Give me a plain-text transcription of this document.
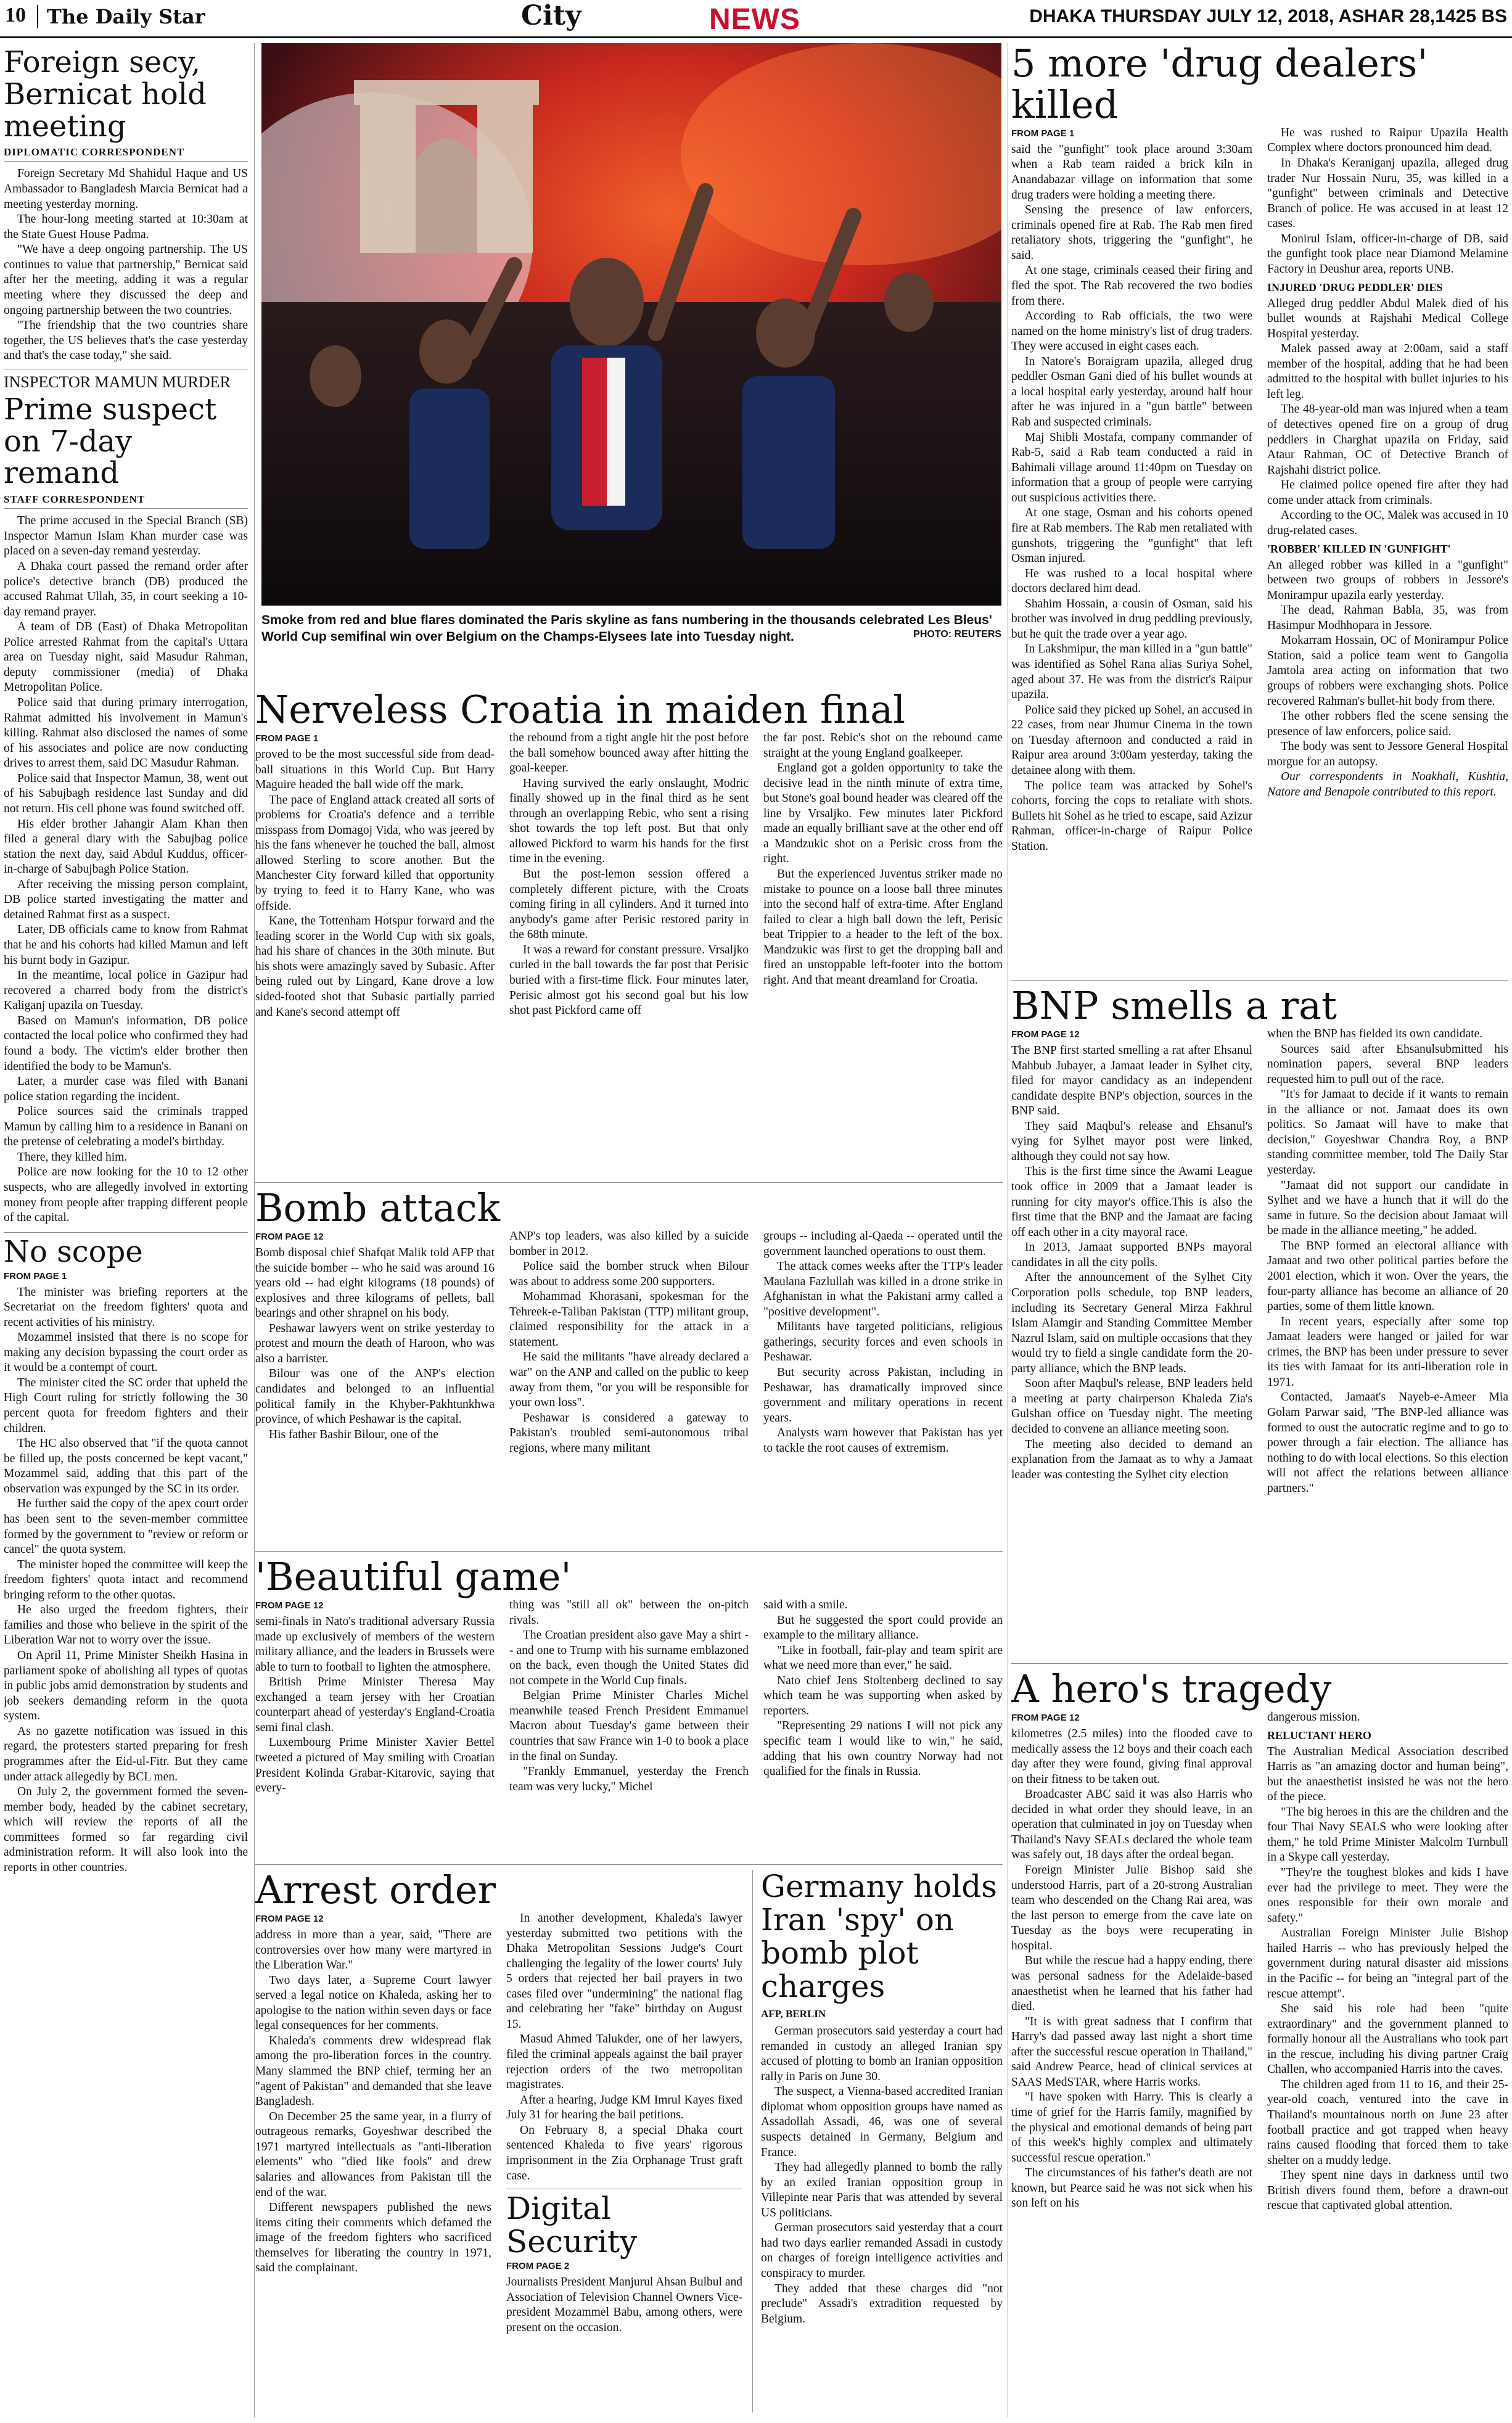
10	The Daily Star	City	NEWS	DHAKA THURSDAY JULY 12, 2018, ASHAR 28,1425 BS
Foreign secy, Bernicat hold meeting
DIPLOMATIC CORRESPONDENT

Foreign Secretary Md Shahidul Haque and US Ambassador to Bangladesh Marcia Bernicat had a meeting yesterday morning.

The hour-long meeting started at 10:30am at the State Guest House Padma.

"We have a deep ongoing partnership. The US continues to value that partnership," Bernicat said after her the meeting, adding it was a regular meeting where they discussed the deep and ongoing partnership between the two countries.

"The friendship that the two countries share together, the US believes that's the case yesterday and that's the case today," she said.

INSPECTOR MAMUN MURDER
Prime suspect on 7-day remand
STAFF CORRESPONDENT

The prime accused in the Special Branch (SB) Inspector Mamun Islam Khan murder case was placed on a seven-day remand yesterday.

A Dhaka court passed the remand order after police's detective branch (DB) produced the accused Rahmat Ullah, 35, in court seeking a 10-day remand prayer.

A team of DB (East) of Dhaka Metropolitan Police arrested Rahmat from the capital's Uttara area on Tuesday night, said Masudur Rahman, deputy commissioner (media) of Dhaka Metropolitan Police.

Police said that during primary interrogation, Rahmat admitted his involvement in Mamun's killing. Rahmat also disclosed the names of some of his associates and police are now conducting drives to arrest them, said DC Masudur Rahman.

Police said that Inspector Mamun, 38, went out of his Sabujbagh residence last Sunday and did not return. His cell phone was found switched off.

His elder brother Jahangir Alam Khan then filed a general diary with the Sabujbag police station the next day, said Abdul Kuddus, officer-in-charge of Sabujbagh Police Station.

After receiving the missing person complaint, DB police started investigating the matter and detained Rahmat first as a suspect.

Later, DB officials came to know from Rahmat that he and his cohorts had killed Mamun and left his burnt body in Gazipur.

In the meantime, local police in Gazipur had recovered a charred body from the district's Kaliganj upazila on Tuesday.

Based on Mamun's information, DB police contacted the local police who confirmed they had found a body. The victim's elder brother then identified the body to be Mamun's.

Later, a murder case was filed with Banani police station regarding the incident.

Police sources said the criminals trapped Mamun by calling him to a residence in Banani on the pretense of celebrating a model's birthday.

There, they killed him.

Police are now looking for the 10 to 12 other suspects, who are allegedly involved in extorting money from people after trapping different people of the capital.

No scope
FROM PAGE 1

The minister was briefing reporters at the Secretariat on the freedom fighters' quota and recent activities of his ministry.

Mozammel insisted that there is no scope for making any decision bypassing the court order as it would be a contempt of court.

The minister cited the SC order that upheld the High Court ruling for strictly following the 30 percent quota for freedom fighters and their children.

The HC also observed that "if the quota cannot be filled up, the posts concerned be kept vacant," Mozammel said, adding that this part of the observation was expunged by the SC in its order.

He further said the copy of the apex court order has been sent to the seven-member committee formed by the government to "review or reform or cancel" the quota system.

The minister hoped the committee will keep the freedom fighters' quota intact and recommend bringing reform to the other quotas.

He also urged the freedom fighters, their families and those who believe in the spirit of the Liberation War not to worry over the issue.

On April 11, Prime Minister Sheikh Hasina in parliament spoke of abolishing all types of quotas in public jobs amid demonstration by students and job seekers demanding reform in the quota system.

As no gazette notification was issued in this regard, the protesters started preparing for fresh programmes after the Eid-ul-Fitr. But they came under attack allegedly by BCL men.

On July 2, the government formed the seven-member body, headed by the cabinet secretary, which will review the reports of all the committees formed so far regarding civil administration reform. It will also look into the reports in other countries.

Smoke from red and blue flares dominated the Paris skyline as fans numbering in the thousands celebrated Les Bleus' World Cup semifinal win over Belgium on the Champs-Elysees late into Tuesday night.	PHOTO: REUTERS
Nerveless Croatia in maiden final
FROM PAGE 1

proved to be the most successful side from dead-ball situations in this World Cup. But Harry Maguire headed the ball wide off the mark.

The pace of England attack created all sorts of problems for Croatia's defence and a terrible misspass from Domagoj Vida, who was jeered by his the fans whenever he touched the ball, almost allowed Sterling to score another. But the Manchester City forward killed that opportunity by trying to feed it to Harry Kane, who was offside.

Kane, the Tottenham Hotspur forward and the leading scorer in the World Cup with six goals, had his share of chances in the 30th minute. But his shots were amazingly saved by Subasic. After being ruled out by Lingard, Kane drove a low sided-footed shot that Subasic partially parried and Kane's second attempt off

the rebound from a tight angle hit the post before the ball somehow bounced away after hitting the goal-keeper.

Having survived the early onslaught, Modric finally showed up in the final third as he sent through an overlapping Rebic, who sent a rising shot towards the top left post. But that only allowed Pickford to warm his hands for the first time in the evening.

But the post-lemon session offered a completely different picture, with the Croats coming firing in all cylinders. And it turned into anybody's game after Perisic restored parity in the 68th minute.

It was a reward for constant pressure. Vrsaljko curled in the ball towards the far post that Perisic buried with a first-time flick. Four minutes later, Perisic almost got his second goal but his low shot past Pickford came off

the far post. Rebic's shot on the rebound came straight at the young England goalkeeper.

England got a golden opportunity to take the decisive lead in the ninth minute of extra time, but Stone's goal bound header was cleared off the line by Vrsaljko. Few minutes later Pickford made an equally brilliant save at the other end off a Mandzukic shot on a Perisic cross from the right.

But the experienced Juventus striker made no mistake to pounce on a loose ball three minutes into the second half of extra-time. After England failed to clear a high ball down the left, Perisic beat Trippier to a header to the left of the box. Mandzukic was first to get the dropping ball and fired an unstoppable left-footer into the bottom right. And that meant dreamland for Croatia.

Bomb attack
FROM PAGE 12

Bomb disposal chief Shafqat Malik told AFP that the suicide bomber -- who he said was around 16 years old -- had eight kilograms (18 pounds) of explosives and three kilograms of pellets, ball bearings and other shrapnel on his body.

Peshawar lawyers went on strike yesterday to protest and mourn the death of Haroon, who was also a barrister.

Bilour was one of the ANP's election candidates and belonged to an influential political family in the Khyber-Pakhtunkhwa province, of which Peshawar is the capital.

His father Bashir Bilour, one of the

ANP's top leaders, was also killed by a suicide bomber in 2012.

Police said the bomber struck when Bilour was about to address some 200 supporters.

Mohammad Khorasani, spokesman for the Tehreek-e-Taliban Pakistan (TTP) militant group, claimed responsibility for the attack in a statement.

He said the militants "have already declared a war" on the ANP and called on the public to keep away from them, "or you will be responsible for your own loss".

Peshawar is considered a gateway to Pakistan's troubled semi-autonomous tribal regions, where many militant

groups -- including al-Qaeda -- operated until the government launched operations to oust them.

The attack comes weeks after the TTP's leader Maulana Fazlullah was killed in a drone strike in Afghanistan in what the Pakistani army called a "positive development".

Militants have targeted politicians, religious gatherings, security forces and even schools in Peshawar.

But security across Pakistan, including in Peshawar, has dramatically improved since government and military operations in recent years.

Analysts warn however that Pakistan has yet to tackle the root causes of extremism.

'Beautiful game'
FROM PAGE 12

semi-finals in Nato's traditional adversary Russia made up exclusively of members of the western military alliance, and the leaders in Brussels were able to turn to football to lighten the atmosphere.

British Prime Minister Theresa May exchanged a team jersey with her Croatian counterpart ahead of yesterday's England-Croatia semi final clash.

Luxembourg Prime Minister Xavier Bettel tweeted a pictured of May smiling with Croatian President Kolinda Grabar-Kitarovic, saying that every-

thing was "still all ok" between the on-pitch rivals.

The Croatian president also gave May a shirt -- and one to Trump with his surname emblazoned on the back, even though the United States did not compete in the World Cup finals.

Belgian Prime Minister Charles Michel meanwhile teased French President Emmanuel Macron about Tuesday's game between their countries that saw France win 1-0 to book a place in the final on Sunday.

"Frankly Emmanuel, yesterday the French team was very lucky," Michel

said with a smile.

But he suggested the sport could provide an example to the military alliance.

"Like in football, fair-play and team spirit are what we need more than ever," he said.

Nato chief Jens Stoltenberg declined to say which team he was supporting when asked by reporters.

"Representing 29 nations I will not pick any specific team I would like to win," he said, adding that his own country Norway had not qualified for the finals in Russia.

Arrest order
FROM PAGE 12

address in more than a year, said, "There are controversies over how many were martyred in the Liberation War."

Two days later, a Supreme Court lawyer served a legal notice on Khaleda, asking her to apologise to the nation within seven days or face legal consequences for her comments.

Khaleda's comments drew widespread flak among the pro-liberation forces in the country. Many slammed the BNP chief, terming her an "agent of Pakistan" and demanded that she leave Bangladesh.

On December 25 the same year, in a flurry of outrageous remarks, Goyeshwar described the 1971 martyred intellectuals as "anti-liberation elements" who "died like fools" and drew salaries and allowances from Pakistan till the end of the war.

Different newspapers published the news items citing their comments which defamed the image of the freedom fighters who sacrificed themselves for liberating the country in 1971, said the complainant.

In another development, Khaleda's lawyer yesterday submitted two petitions with the Dhaka Metropolitan Sessions Judge's Court challenging the legality of the lower courts' July 5 orders that rejected her bail prayers in two cases filed over "undermining" the national flag and celebrating her "fake" birthday on August 15.

Masud Ahmed Talukder, one of her lawyers, filed the criminal appeals against the bail prayer rejection orders of the two metropolitan magistrates.

After a hearing, Judge KM Imrul Kayes fixed July 31 for hearing the bail petitions.

On February 8, a special Dhaka court sentenced Khaleda to five years' rigorous imprisonment in the Zia Orphanage Trust graft case.

Digital Security
FROM PAGE 2

Journalists President Manjurul Ahsan Bulbul and Association of Television Channel Owners Vice-president Mozammel Babu, among others, were present on the occasion.

Germany holds Iran 'spy' on bomb plot charges
AFP, BERLIN

German prosecutors said yesterday a court had remanded in custody an alleged Iranian spy accused of plotting to bomb an Iranian opposition rally in Paris on June 30.

The suspect, a Vienna-based accredited Iranian diplomat whom opposition groups have named as Assadollah Assadi, 46, was one of several suspects detained in Germany, Belgium and France.

They had allegedly planned to bomb the rally by an exiled Iranian opposition group in Villepinte near Paris that was attended by several US politicians.

German prosecutors said yesterday that a court had two days earlier remanded Assadi in custody on charges of foreign intelligence activities and conspiracy to murder.

They added that these charges did "not preclude" Assadi's extradition requested by Belgium.

5 more 'drug dealers' killed
FROM PAGE 1

said the "gunfight" took place around 3:30am when a Rab team raided a brick kiln in Anandabazar village on information that some drug traders were holding a meeting there.

Sensing the presence of law enforcers, criminals opened fire at Rab. The Rab men fired retaliatory shots, triggering the "gunfight", he said.

At one stage, criminals ceased their firing and fled the spot. The Rab recovered the two bodies from there.

According to Rab officials, the two were named on the home ministry's list of drug traders. They were accused in eight cases each.

In Natore's Boraigram upazila, alleged drug peddler Osman Gani died of his bullet wounds at a local hospital early yesterday, around half hour after he was injured in a "gun battle" between Rab and suspected criminals.

Maj Shibli Mostafa, company commander of Rab-5, said a Rab team conducted a raid in Bahimali village around 11:40pm on Tuesday on information that a group of people were carrying out suspicious activities there.

At one stage, Osman and his cohorts opened fire at Rab members. The Rab men retaliated with gunshots, triggering the "gunfight" that left Osman injured.

He was rushed to a local hospital where doctors declared him dead.

Shahim Hossain, a cousin of Osman, said his brother was involved in drug peddling previously, but he quit the trade over a year ago.

In Lakshmipur, the man killed in a "gun battle" was identified as Sohel Rana alias Suriya Sohel, aged about 37. He was from the district's Raipur upazila.

Police said they picked up Sohel, an accused in 22 cases, from near Jhumur Cinema in the town on Tuesday afternoon and conducted a raid in Raipur area around 3:00am yesterday, taking the detainee along with them.

The police team was attacked by Sohel's cohorts, forcing the cops to retaliate with shots. Bullets hit Sohel as he tried to escape, said Azizur Rahman, officer-in-charge of Raipur Police Station.

He was rushed to Raipur Upazila Health Complex where doctors pronounced him dead.

In Dhaka's Keraniganj upazila, alleged drug trader Nur Hossain Nuru, 35, was killed in a "gunfight" between criminals and Detective Branch of police. He was accused in at least 12 cases.

Monirul Islam, officer-in-charge of DB, said the gunfight took place near Diamond Melamine Factory in Deushur area, reports UNB.

INJURED 'DRUG PEDDLER' DIES

Alleged drug peddler Abdul Malek died of his bullet wounds at Rajshahi Medical College Hospital yesterday.

Malek passed away at 2:00am, said a staff member of the hospital, adding that he had been admitted to the hospital with bullet injuries to his left leg.

The 48-year-old man was injured when a team of detectives opened fire on a group of drug peddlers in Charghat upazila on Friday, said Ataur Rahman, OC of Detective Branch of Rajshahi district police.

He claimed police opened fire after they had come under attack from criminals.

According to the OC, Malek was accused in 10 drug-related cases.

'ROBBER' KILLED IN 'GUNFIGHT'

An alleged robber was killed in a "gunfight" between two groups of robbers in Jessore's Monirampur upazila early yesterday.

The dead, Rahman Babla, 35, was from Hasimpur Modhhopara in Jessore.

Mokarram Hossain, OC of Monirampur Police Station, said a police team went to Gangolia Jamtola area acting on information that two groups of robbers were exchanging shots. Police recovered Rahman's bullet-hit body from there.

The other robbers fled the scene sensing the presence of law enforcers, police said.

The body was sent to Jessore General Hospital morgue for an autopsy.

Our correspondents in Noakhali, Kushtia, Natore and Benapole contributed to this report.

BNP smells a rat
FROM PAGE 12

The BNP first started smelling a rat after Ehsanul Mahbub Jubayer, a Jamaat leader in Sylhet city, filed for mayor candidacy as an independent candidate despite BNP's objection, sources in the BNP said.

They said Maqbul's release and Ehsanul's vying for Sylhet mayor post were linked, although they could not say how.

This is the first time since the Awami League took office in 2009 that a Jamaat leader is running for city mayor's office.This is also the first time that the BNP and the Jamaat are facing off each other in a city mayoral race.

In 2013, Jamaat supported BNPs mayoral candidates in all the city polls.

After the announcement of the Sylhet City Corporation polls schedule, top BNP leaders, including its Secretary General Mirza Fakhrul Islam Alamgir and Standing Committee Member Nazrul Islam, said on multiple occasions that they would try to field a single candidate form the 20-party alliance, which the BNP leads.

Soon after Maqbul's release, BNP leaders held a meeting at party chairperson Khaleda Zia's Gulshan office on Tuesday night. The meeting decided to convene an alliance meeting soon.

The meeting also decided to demand an explanation from the Jamaat as to why a Jamaat leader was contesting the Sylhet city election

when the BNP has fielded its own candidate.

Sources said after Ehsanulsubmitted his nomination papers, several BNP leaders requested him to pull out of the race.

"It's for Jamaat to decide if it wants to remain in the alliance or not. Jamaat does its own politics. So Jamaat will have to make that decision," Goyeshwar Chandra Roy, a BNP standing committee member, told The Daily Star yesterday.

"Jamaat did not support our candidate in Sylhet and we have a hunch that it will do the same in future. So the decision about Jamaat will be made in the alliance meeting," he added.

The BNP formed an electoral alliance with Jamaat and two other political parties before the 2001 election, which it won. Over the years, the four-party alliance has become an alliance of 20 parties, some of them little known.

In recent years, especially after some top Jamaat leaders were hanged or jailed for war crimes, the BNP has been under pressure to sever its ties with Jamaat for its anti-liberation role in 1971.

Contacted, Jamaat's Nayeb-e-Ameer Mia Golam Parwar said, "The BNP-led alliance was formed to oust the autocratic regime and to go to power through a fair election. The alliance has nothing to do with local elections. So this election will not affect the relations between alliance partners."

A hero's tragedy
FROM PAGE 12

kilometres (2.5 miles) into the flooded cave to medically assess the 12 boys and their coach each day after they were found, giving final approval on their fitness to be taken out.

Broadcaster ABC said it was also Harris who decided in what order they should leave, in an operation that culminated in joy on Tuesday when Thailand's Navy SEALs declared the whole team was safely out, 18 days after the ordeal began.

Foreign Minister Julie Bishop said she understood Harris, part of a 20-strong Australian team who descended on the Chang Rai area, was the last person to emerge from the cave late on Tuesday as the boys were recuperating in hospital.

But while the rescue had a happy ending, there was personal sadness for the Adelaide-based anaesthetist when he learned that his father had died.

"It is with great sadness that I confirm that Harry's dad passed away last night a short time after the successful rescue operation in Thailand," said Andrew Pearce, head of clinical services at SAAS MedSTAR, where Harris works.

"I have spoken with Harry. This is clearly a time of grief for the Harris family, magnified by the physical and emotional demands of being part of this week's highly complex and ultimately successful rescue operation."

The circumstances of his father's death are not known, but Pearce said he was not sick when his son left on his

dangerous mission.

RELUCTANT HERO

The Australian Medical Association described Harris as "an amazing doctor and human being", but the anaesthetist insisted he was not the hero of the piece.

"The big heroes in this are the children and the four Thai Navy SEALS who were looking after them," he told Prime Minister Malcolm Turnbull in a Skype call yesterday.

"They're the toughest blokes and kids I have ever had the privilege to meet. They were the ones responsible for their own morale and safety."

Australian Foreign Minister Julie Bishop hailed Harris -- who has previously helped the government during natural disaster aid missions in the Pacific -- for being an "integral part of the rescue attempt".

She said his role had been "quite extraordinary" and the government planned to formally honour all the Australians who took part in the rescue, including his diving partner Craig Challen, who accompanied Harris into the caves.

The children aged from 11 to 16, and their 25-year-old coach, ventured into the cave in Thailand's mountainous north on June 23 after football practice and got trapped when heavy rains caused flooding that forced them to take shelter on a muddy ledge.

They spent nine days in darkness until two British divers found them, before a drawn-out rescue that captivated global attention.
